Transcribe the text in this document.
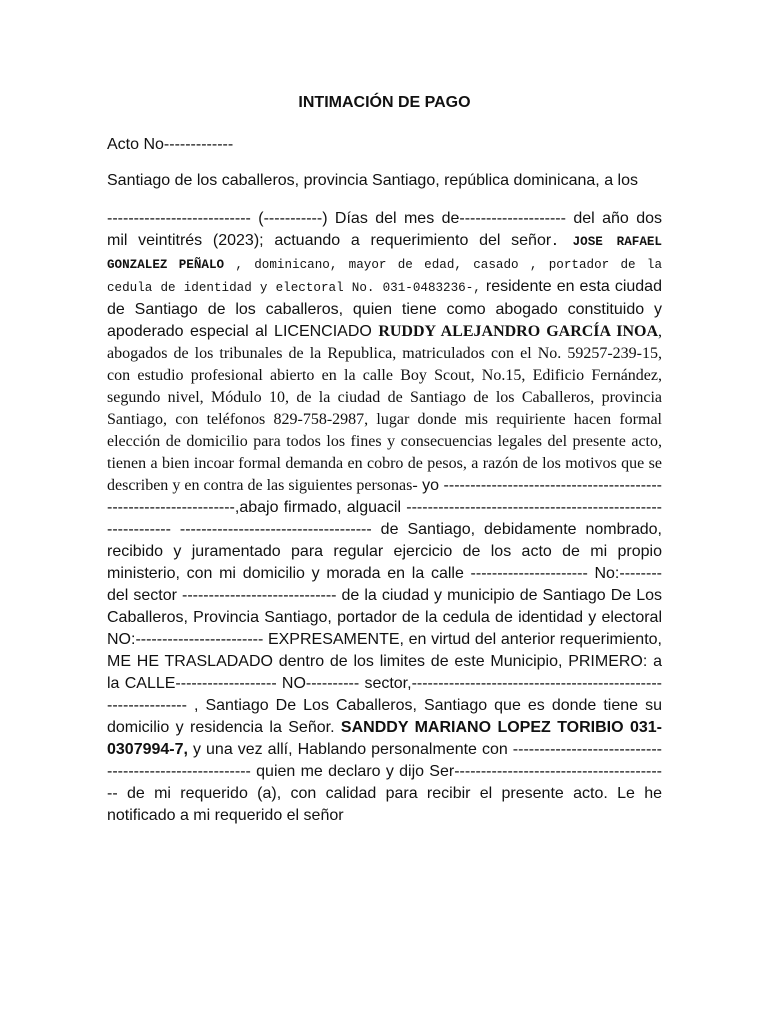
INTIMACIÓN DE PAGO
Acto No-------------
Santiago de los caballeros, provincia Santiago, república dominicana, a los

--------------------------- (-----------) Días del mes de-------------------- del año dos mil veintitrés (2023); actuando a requerimiento del señor. JOSE RAFAEL GONZALEZ PEÑALO , dominicano, mayor de edad, casado , portador de la cedula de identidad y electoral No. 031-0483236-, residente en esta ciudad de Santiago de los caballeros, quien tiene como abogado constituido y apoderado especial al LICENCIADO RUDDY ALEJANDRO GARCÍA INOA, abogados de los tribunales de la Republica, matriculados con el No. 59257-239-15, con estudio profesional abierto en la calle Boy Scout, No.15, Edificio Fernández, segundo nivel, Módulo 10, de la ciudad de Santiago de los Caballeros, provincia Santiago, con teléfonos 829-758-2987, lugar donde mis requiriente hacen formal elección de domicilio para todos los fines y consecuencias legales del presente acto, tienen a bien incoar formal demanda en cobro de pesos, a razón de los motivos que se describen y en contra de las siguientes personas- yo -----------------------------------------------------------------,abajo firmado, alguacil ------------------------------------------------------------ ------------------------------------ de Santiago, debidamente nombrado, recibido y juramentado para regular ejercicio de los acto de mi propio ministerio, con mi domicilio y morada en la calle ---------------------- No:-------- del sector ----------------------------- de la ciudad y municipio de Santiago De Los Caballeros, Provincia Santiago, portador de la cedula de identidad y electoral NO:------------------------ EXPRESAMENTE, en virtud del anterior requerimiento, ME HE TRASLADADO dentro de los limites de este Municipio, PRIMERO: a la CALLE------------------- NO---------- sector,-------------------------------------------------------------- , Santiago De Los Caballeros, Santiago que es donde tiene su domicilio y residencia la Señor. SANDDY MARIANO LOPEZ TORIBIO 031-0307994-7, y una vez allí, Hablando personalmente con ------------------------------------------------------- quien me declaro y dijo Ser----------------------------------------- de mi requerido (a), con calidad para recibir el presente acto. Le he notificado a mi requerido el señor
